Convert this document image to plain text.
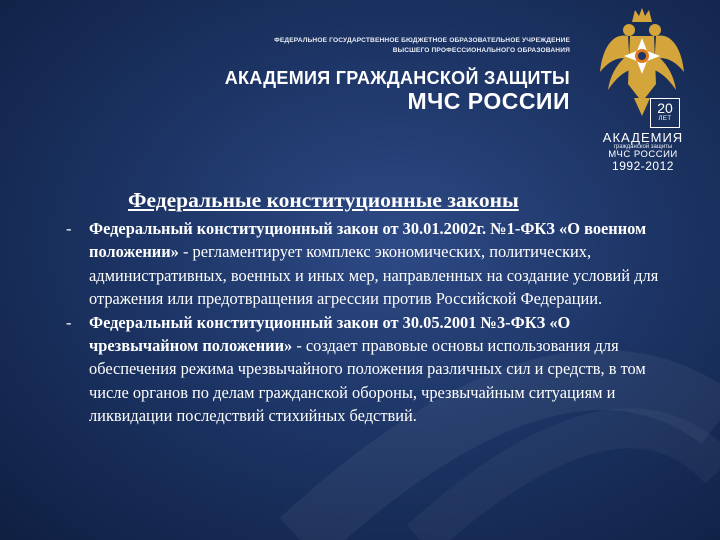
ФЕДЕРАЛЬНОЕ ГОСУДАРСТВЕННОЕ БЮДЖЕТНОЕ ОБРАЗОВАТЕЛЬНОЕ УЧРЕЖДЕНИЕ
ВЫСШЕГО ПРОФЕССИОНАЛЬНОГО ОБРАЗОВАНИЯ
АКАДЕМИЯ ГРАЖДАНСКОЙ ЗАЩИТЫ
МЧС РОССИИ	20
ЛЕТ
АКАДЕМИЯ
гражданской защиты
МЧС РОССИИ
1992-2012
Федеральные конституционные законы
- Федеральный конституционный закон от 30.01.2002г. №1-ФКЗ «О военном положении» - регламентирует комплекс экономических, политических, административных, военных и иных мер, направленных на создание условий для отражения или предотвращения агрессии против Российской Федерации.
- Федеральный конституционный закон от 30.05.2001 №3-ФКЗ «О чрезвычайном положении» - создает правовые основы использования для обеспечения режима чрезвычайного положения различных сил и средств, в том числе органов по делам гражданской обороны, чрезвычайным ситуациям и ликвидации последствий стихийных бедствий.
